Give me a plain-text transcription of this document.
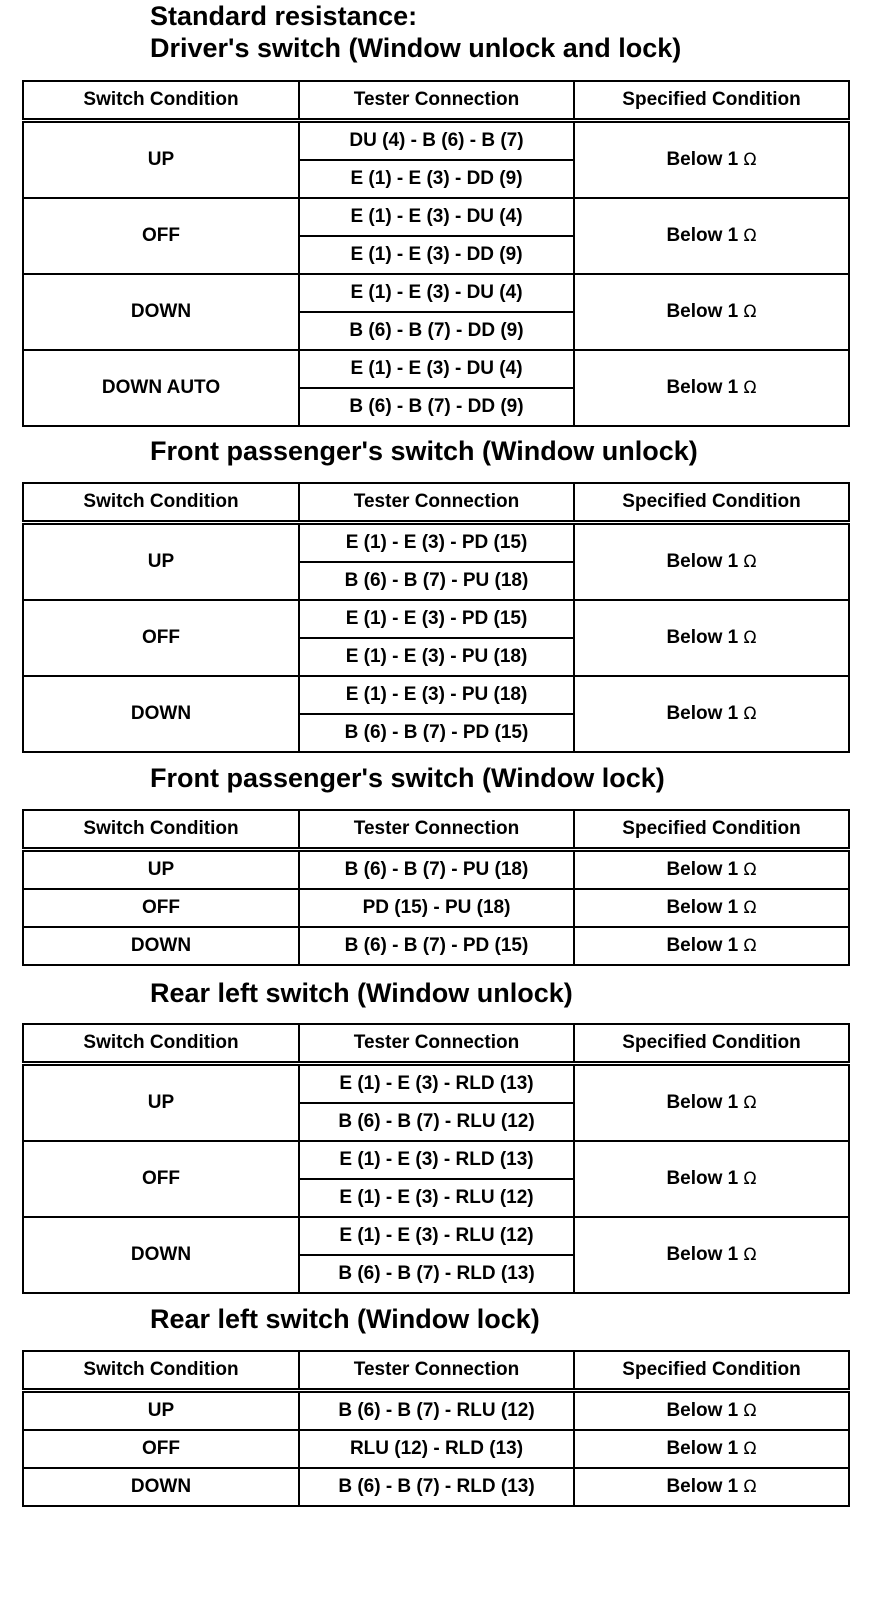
Standard resistance:
Driver's switch (Window unlock and lock)
Switch Condition	Tester Connection	Specified Condition
UP	DU (4) - B (6) - B (7)	Below 1 Ω
	E (1) - E (3) - DD (9)	
OFF	E (1) - E (3) - DU (4)	Below 1 Ω
	E (1) - E (3) - DD (9)	
DOWN	E (1) - E (3) - DU (4)	Below 1 Ω
	B (6) - B (7) - DD (9)	
DOWN AUTO	E (1) - E (3) - DU (4)	Below 1 Ω
	B (6) - B (7) - DD (9)	
Front passenger's switch (Window unlock)
Switch Condition	Tester Connection	Specified Condition
UP	E (1) - E (3) - PD (15)	Below 1 Ω
	B (6) - B (7) - PU (18)	
OFF	E (1) - E (3) - PD (15)	Below 1 Ω
	E (1) - E (3) - PU (18)	
DOWN	E (1) - E (3) - PU (18)	Below 1 Ω
	B (6) - B (7) - PD (15)	
Front passenger's switch (Window lock)
Switch Condition	Tester Connection	Specified Condition
UP	B (6) - B (7) - PU (18)	Below 1 Ω
OFF	PD (15) - PU (18)	Below 1 Ω
DOWN	B (6) - B (7) - PD (15)	Below 1 Ω
Rear left switch (Window unlock)
Switch Condition	Tester Connection	Specified Condition
UP	E (1) - E (3) - RLD (13)	Below 1 Ω
	B (6) - B (7) - RLU (12)	
OFF	E (1) - E (3) - RLD (13)	Below 1 Ω
	E (1) - E (3) - RLU (12)	
DOWN	E (1) - E (3) - RLU (12)	Below 1 Ω
	B (6) - B (7) - RLD (13)	
Rear left switch (Window lock)
Switch Condition	Tester Connection	Specified Condition
UP	B (6) - B (7) - RLU (12)	Below 1 Ω
OFF	RLU (12) - RLD (13)	Below 1 Ω
DOWN	B (6) - B (7) - RLD (13)	Below 1 Ω
